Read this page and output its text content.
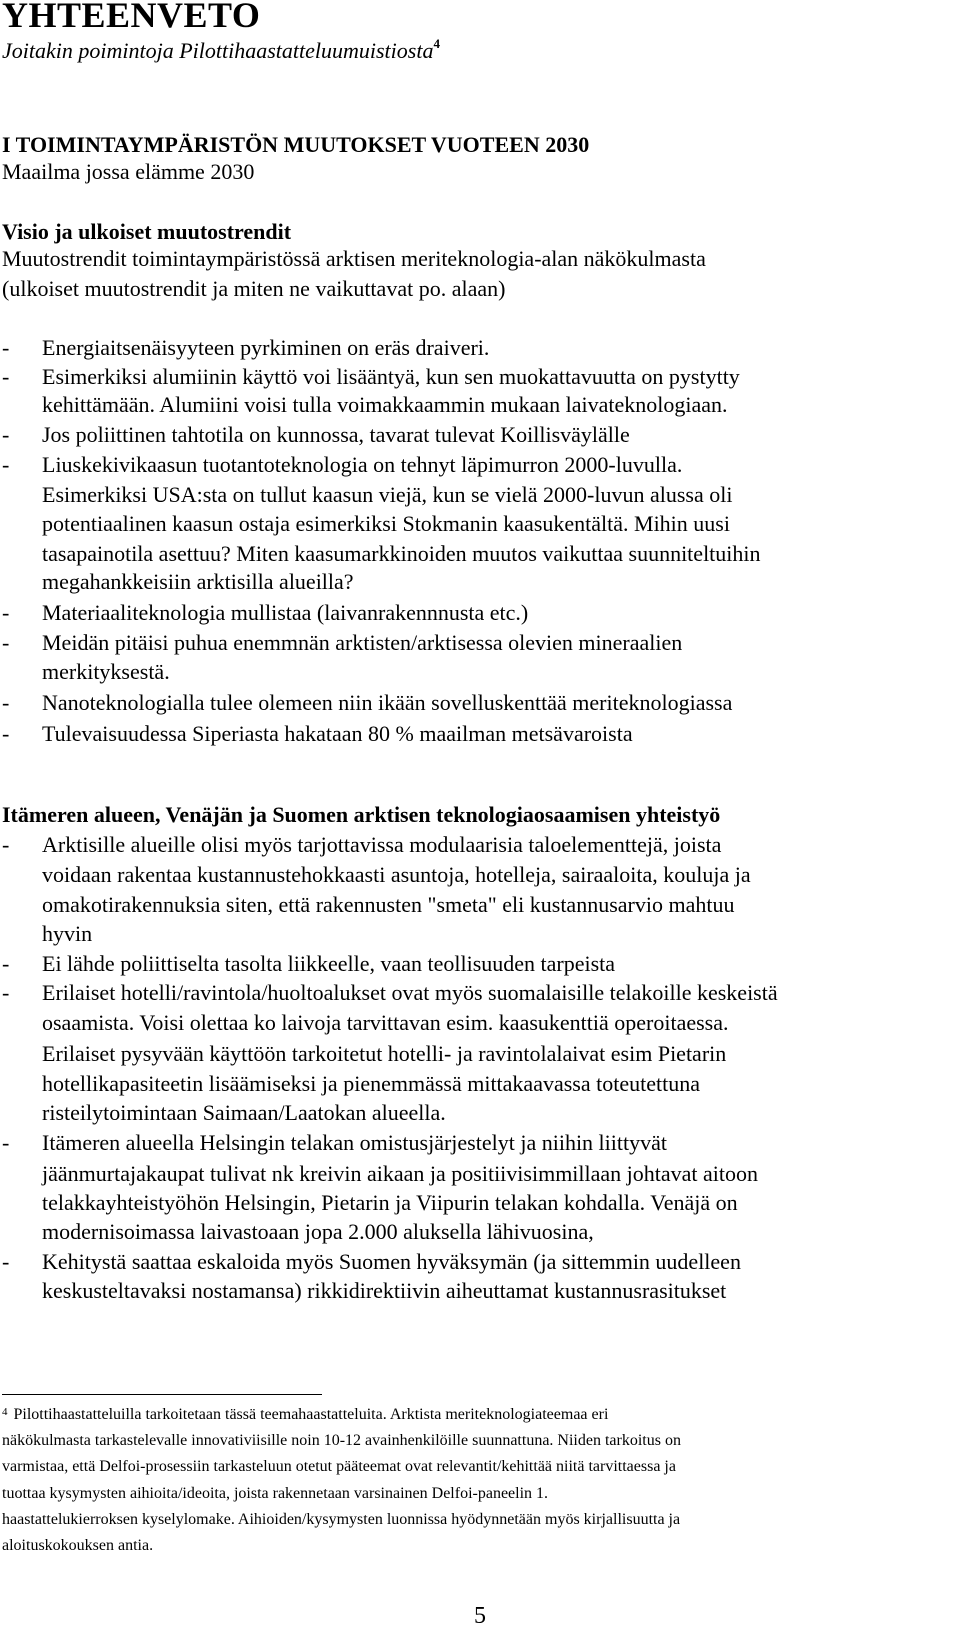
YHTEENVETO
Joitakin poimintoja Pilottihaastatteluumuistiosta$^4$
I TOIMINTAYMPÄRISTÖN MUUTOKSET VUOTEEN 2030
Maailma jossa elämme 2030
Visio ja ulkoiset muutostrendit
Muutostrendit toimintaympäristössä arktisen meriteknologia-alan näkökulmasta
(ulkoiset muutostrendit ja miten ne vaikuttavat po. alaan)
- Energiaitsenäisyyteen pyrkiminen on eräs draiveri.
- Esimerkiksi alumiinin käyttö voi lisääntyä, kun sen muokattavuutta on pystytty
kehittämään. Alumiini voisi tulla voimakkaammin mukaan laivateknologiaan.
- Jos poliittinen tahtotila on kunnossa, tavarat tulevat Koillisväylälle
- Liuskekivikaasun tuotantoteknologia on tehnyt läpimurron 2000-luvulla.
Esimerkiksi USA:sta on tullut kaasun viejä, kun se vielä 2000-luvun alussa oli
potentiaalinen kaasun ostaja esimerkiksi Stokmanin kaasukentältä. Mihin uusi
tasapainotila asettuu? Miten kaasumarkkinoiden muutos vaikuttaa suunniteltuihin
megahankkeisiin arktisilla alueilla?
- Materiaaliteknologia mullistaa (laivanrakennnusta etc.)
- Meidän pitäisi puhua enemmnän arktisten/arktisessa olevien mineraalien
merkityksestä.
- Nanoteknologialla tulee olemeen niin ikään sovelluskenttää meriteknologiassa
- Tulevaisuudessa Siperiasta hakataan 80 % maailman metsävaroista
Itämeren alueen, Venäjän ja Suomen arktisen teknologiaosaamisen yhteistyö
- Arktisille alueille olisi myös tarjottavissa modulaarisia taloelementtejä, joista
voidaan rakentaa kustannustehokkaasti asuntoja, hotelleja, sairaaloita, kouluja ja
omakotirakennuksia siten, että rakennusten "smeta" eli kustannusarvio mahtuu
hyvin
- Ei lähde poliittiselta tasolta liikkeelle, vaan teollisuuden tarpeista
- Erilaiset hotelli/ravintola/huoltoalukset ovat myös suomalaisille telakoille keskeistä
osaamista. Voisi olettaa ko laivoja tarvittavan esim. kaasukenttiä operoitaessa.
Erilaiset pysyvään käyttöön tarkoitetut hotelli- ja ravintolalaivat esim Pietarin
hotellikapasiteetin lisäämiseksi ja pienemmässä mittakaavassa toteutettuna
risteilytoimintaan Saimaan/Laatokan alueella.
- Itämeren alueella Helsingin telakan omistusjärjestelyt ja niihin liittyvät
jäänmurtajakaupat tulivat nk kreivin aikaan ja positiivisimmillaan johtavat aitoon
telakkayhteistyöhön Helsingin, Pietarin ja Viipurin telakan kohdalla. Venäjä on
modernisoimassa laivastoaan jopa 2.000 aluksella lähivuosina,
- Kehitystä saattaa eskaloida myös Suomen hyväksymän (ja sittemmin uudelleen
keskusteltavaksi nostamansa) rikkidirektiivin aiheuttamat kustannusrasitukset
$^4$ Pilottihaastatteluilla tarkoitetaan tässä teemahaastatteluita. Arktista meriteknologiateemaa eri
näkökulmasta tarkastelevalle innovativiisille noin 10-12 avainhenkilöille suunnattuna. Niiden tarkoitus on
varmistaa, että Delfoi-prosessiin tarkasteluun otetut pääteemat ovat relevantit/kehittää niitä tarvittaessa ja
tuottaa kysymysten aihioita/ideoita, joista rakennetaan varsinainen Delfoi-paneelin 1.
haastattelukierroksen kyselylomake. Aihioiden/kysymysten luonnissa hyödynnetään myös kirjallisuutta ja
aloituskokouksen antia.
5
